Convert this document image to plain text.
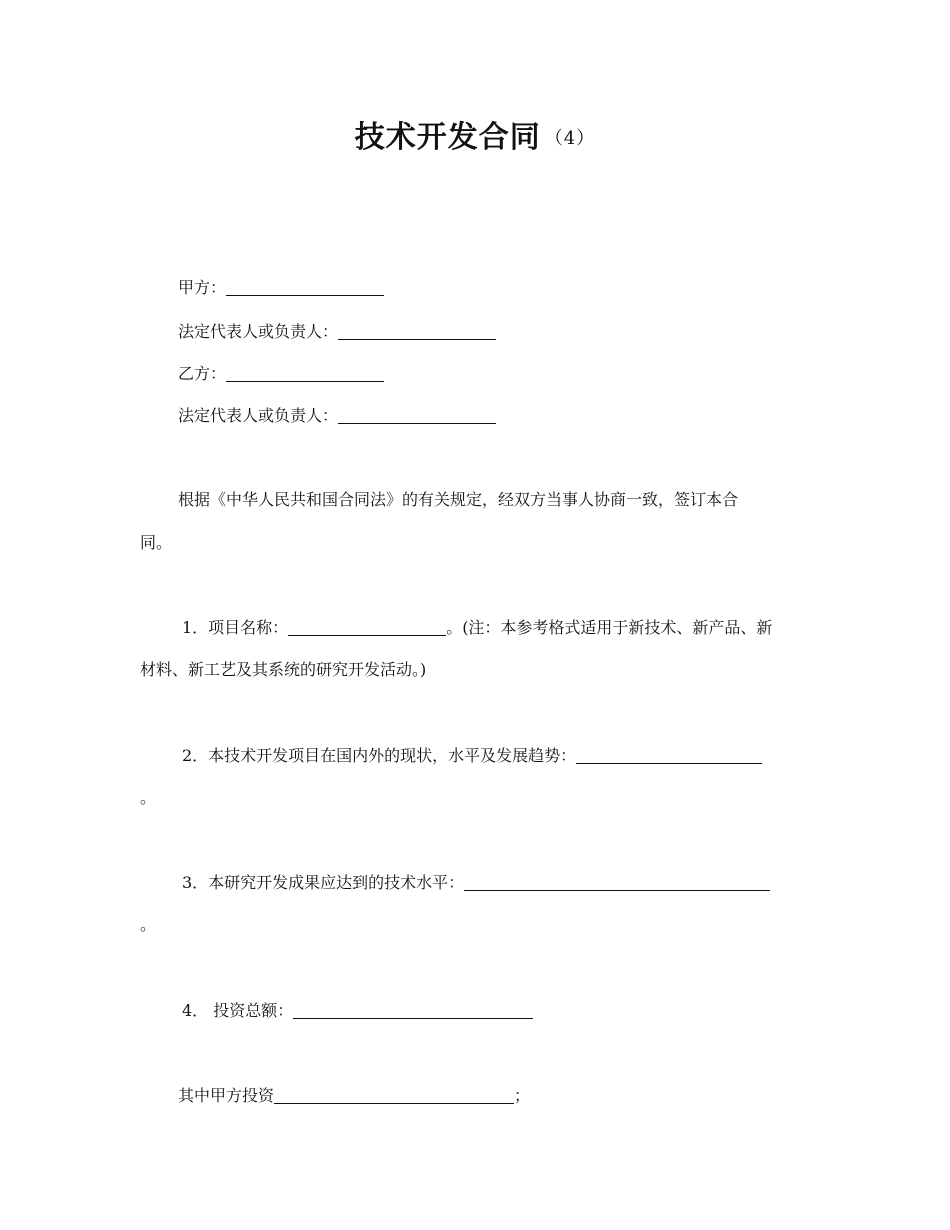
技术开发合同 （4）
甲方：
法定代表人或负责人：
乙方：
法定代表人或负责人：
根据《中华人民共和国合同法》的有关规定，经双方当事人协商一致，签订本合
同。
1．项目名称：	。(注：本参考格式适用于新技术、新产品、新
材料、新工艺及其系统的研究开发活动。)
2．本技术开发项目在国内外的现状，水平及发展趋势：
。
3．本研究开发成果应达到的技术水平：
。
4． 投资总额：
其中甲方投资	；
